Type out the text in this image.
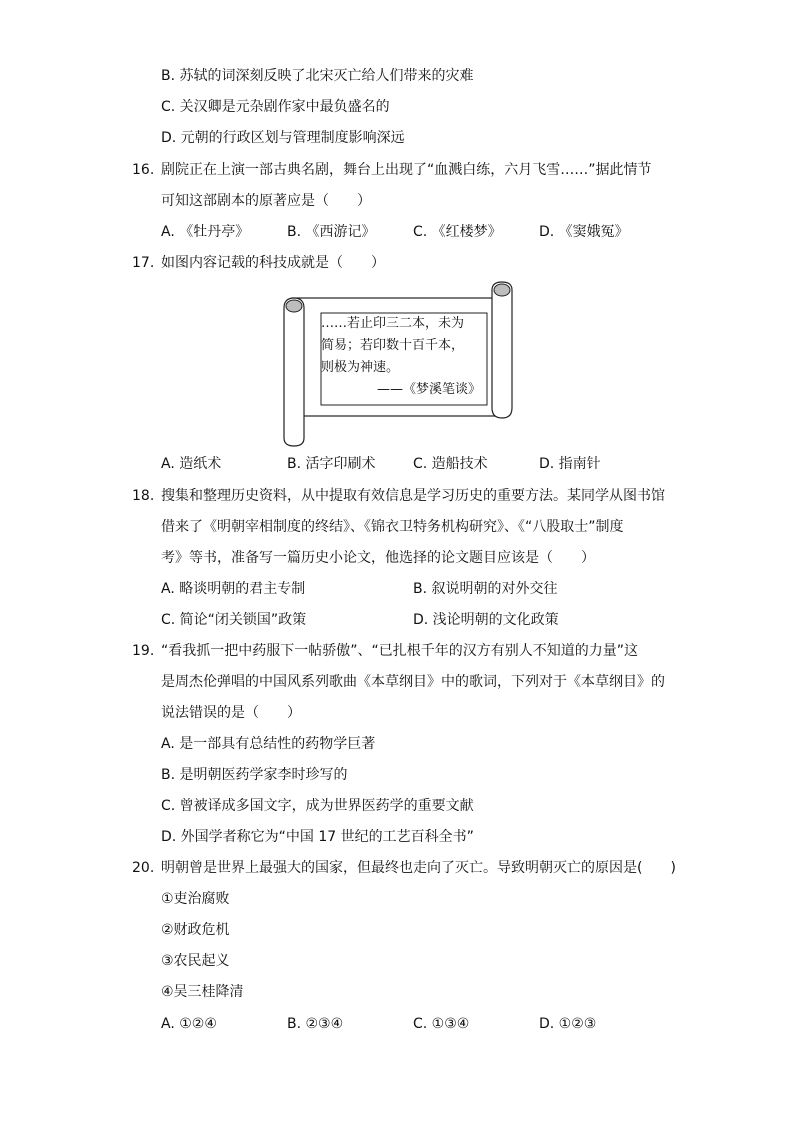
B. 苏轼的词深刻反映了北宋灭亡给人们带来的灾难
C. 关汉卿是元杂剧作家中最负盛名的
D. 元朝的行政区划与管理制度影响深远
16. 剧院正在上演一部古典名剧，舞台上出现了“血溅白练，六月飞雪……”据此情节
可知这部剧本的原著应是（　　）
A. 《牡丹亭》	B. 《西游记》	C. 《红楼梦》	D. 《窦娥冤》
17. 如图内容记载的科技成就是（　　）
……若止印三二本，未为
简易；若印数十百千本，
则极为神速。
——《梦溪笔谈》
A. 造纸术	B. 活字印刷术	C. 造船技术	D. 指南针
18. 搜集和整理历史资料，从中提取有效信息是学习历史的重要方法。某同学从图书馆
借来了《明朝宰相制度的终结》、《锦衣卫特务机构研究》、《“八股取士”制度
考》等书，准备写一篇历史小论文，他选择的论文题目应该是（　　）
A. 略谈明朝的君主专制	B. 叙说明朝的对外交往
C. 简论“闭关锁国”政策	D. 浅论明朝的文化政策
19. “看我抓一把中药服下一帖骄傲”、“已扎根千年的汉方有别人不知道的力量”这
是周杰伦弹唱的中国风系列歌曲《本草纲目》中的歌词，下列对于《本草纲目》的
说法错误的是（　　）
A. 是一部具有总结性的药物学巨著
B. 是明朝医药学家李时珍写的
C. 曾被译成多国文字，成为世界医药学的重要文献
D. 外国学者称它为“中国 17 世纪的工艺百科全书”
20. 明朝曾是世界上最强大的国家，但最终也走向了灭亡。导致明朝灭亡的原因是(　　)
①吏治腐败
②财政危机
③农民起义
④吴三桂降清
A. ①②④	B. ②③④	C. ①③④	D. ①②③
